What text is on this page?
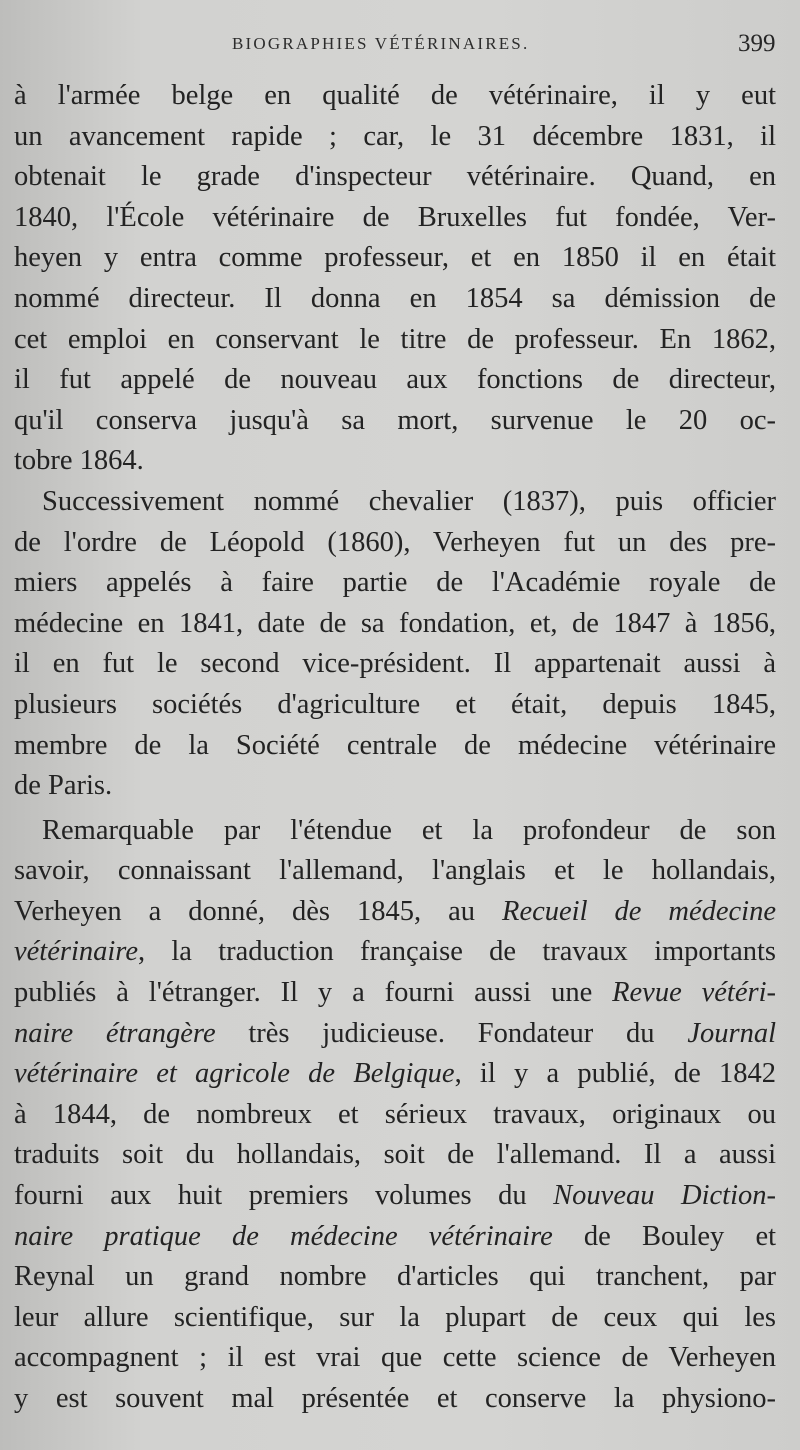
BIOGRAPHIES VÉTÉRINAIRES.	399
à l'armée belge en qualité de vétérinaire, il y eut
un avancement rapide ; car, le 31 décembre 1831, il
obtenait le grade d'inspecteur vétérinaire. Quand, en
1840, l'École vétérinaire de Bruxelles fut fondée, Ver-
heyen y entra comme professeur, et en 1850 il en était
nommé directeur. Il donna en 1854 sa démission de
cet emploi en conservant le titre de professeur. En 1862,
il fut appelé de nouveau aux fonctions de directeur,
qu'il conserva jusqu'à sa mort, survenue le 20 oc-
tobre 1864.
Successivement nommé chevalier (1837), puis officier
de l'ordre de Léopold (1860), Verheyen fut un des pre-
miers appelés à faire partie de l'Académie royale de
médecine en 1841, date de sa fondation, et, de 1847 à 1856,
il en fut le second vice-président. Il appartenait aussi à
plusieurs sociétés d'agriculture et était, depuis 1845,
membre de la Société centrale de médecine vétérinaire
de Paris.
Remarquable par l'étendue et la profondeur de son
savoir, connaissant l'allemand, l'anglais et le hollandais,
Verheyen a donné, dès 1845, au Recueil de médecine
vétérinaire, la traduction française de travaux importants
publiés à l'étranger. Il y a fourni aussi une Revue vétéri-
naire étrangère très judicieuse. Fondateur du Journal
vétérinaire et agricole de Belgique, il y a publié, de 1842
à 1844, de nombreux et sérieux travaux, originaux ou
traduits soit du hollandais, soit de l'allemand. Il a aussi
fourni aux huit premiers volumes du Nouveau Diction-
naire pratique de médecine vétérinaire de Bouley et
Reynal un grand nombre d'articles qui tranchent, par
leur allure scientifique, sur la plupart de ceux qui les
accompagnent ; il est vrai que cette science de Verheyen
y est souvent mal présentée et conserve la physiono-
